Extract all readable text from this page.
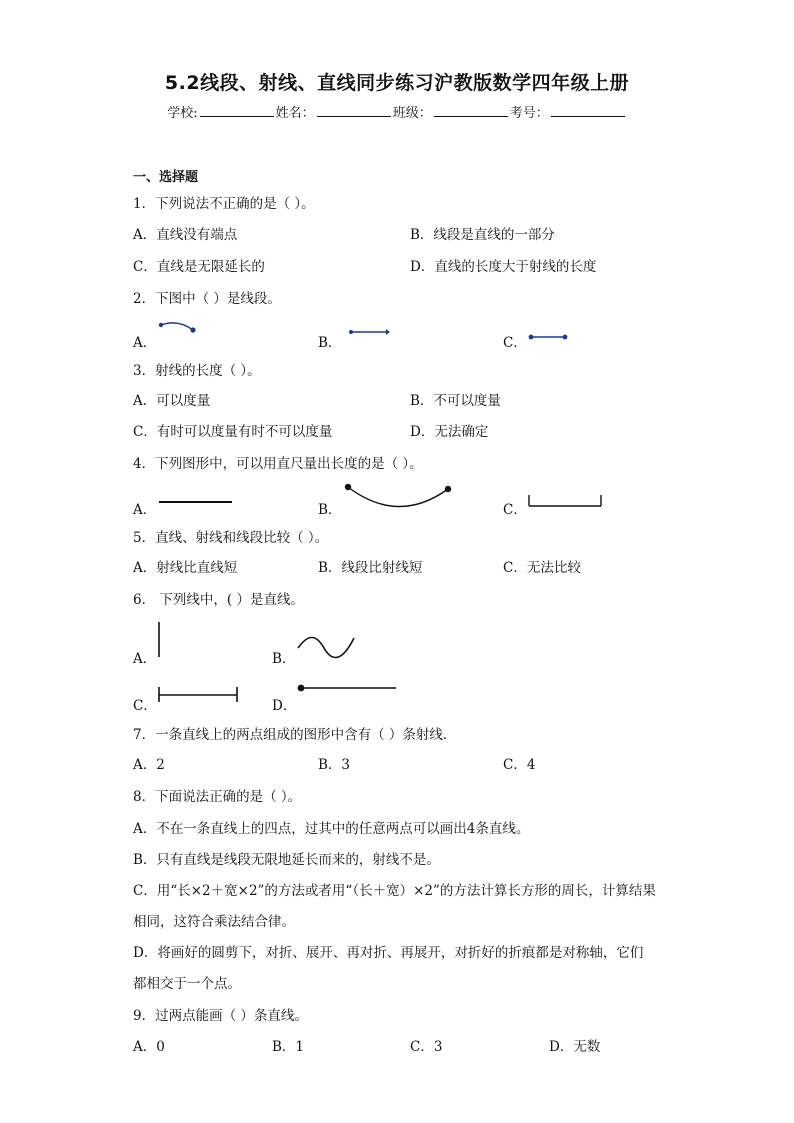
5.2线段、射线、直线同步练习沪教版数学四年级上册
学校:	姓名：	班级：	考号：
一、选择题
1．下列说法不正确的是（ ）。
A．直线没有端点	B．线段是直线的一部分
C．直线是无限延长的	D．直线的长度大于射线的长度
2．下图中（ ）是线段。
A．	B．	C．
3．射线的长度（ ）。
A．可以度量	B．不可以度量
C．有时可以度量有时不可以度量	D．无法确定
4．下列图形中，可以用直尺量出长度的是（ ）。
A．	B．	C．
5．直线、射线和线段比较（ ）。
A．射线比直线短	B．线段比射线短	C．无法比较
6． 下列线中，( ）是直线。
A．	B．
C．	D．
7．一条直线上的两点组成的图形中含有（ ）条射线．
A．2	B．3	C．4
8．下面说法正确的是（ ）。
A．不在一条直线上的四点，过其中的任意两点可以画出4条直线。
B．只有直线是线段无限地延长而来的，射线不是。
C．用“长×2＋宽×2”的方法或者用“（长＋宽）×2”的方法计算长方形的周长，计算结果
相同，这符合乘法结合律。
D．将画好的圆剪下，对折、展开、再对折、再展开，对折好的折痕都是对称轴，它们
都相交于一个点。
9．过两点能画（ ）条直线。
A．0	B．1	C．3	D．无数
